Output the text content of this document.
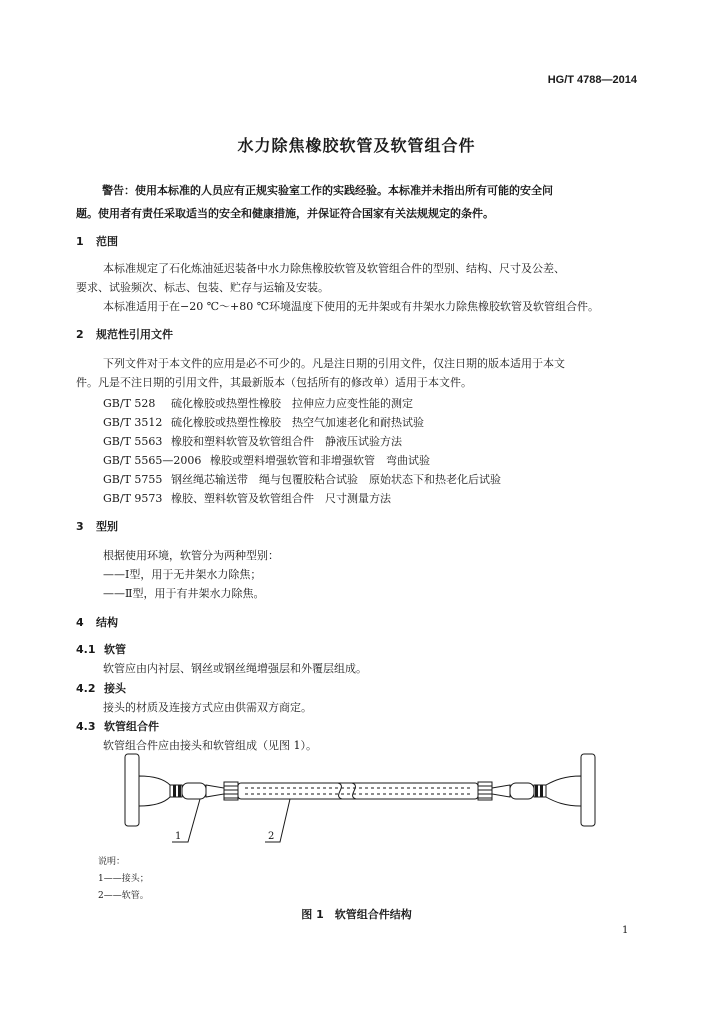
HG/T 4788—2014
水力除焦橡胶软管及软管组合件
警告：使用本标准的人员应有正规实验室工作的实践经验。本标准并未指出所有可能的安全问
题。使用者有责任采取适当的安全和健康措施，并保证符合国家有关法规规定的条件。
1 范围
本标准规定了石化炼油延迟装备中水力除焦橡胶软管及软管组合件的型别、结构、尺寸及公差、
要求、试验频次、标志、包装、贮存与运输及安装。
本标准适用于在−20 ℃～+80 ℃环境温度下使用的无井架或有井架水力除焦橡胶软管及软管组合件。
2 规范性引用文件
下列文件对于本文件的应用是必不可少的。凡是注日期的引用文件，仅注日期的版本适用于本文
件。凡是不注日期的引用文件，其最新版本（包括所有的修改单）适用于本文件。
GB/T 528 硫化橡胶或热塑性橡胶　拉伸应力应变性能的测定
GB/T 3512 硫化橡胶或热塑性橡胶　热空气加速老化和耐热试验
GB/T 5563 橡胶和塑料软管及软管组合件　静液压试验方法
GB/T 5565—2006 橡胶或塑料增强软管和非增强软管　弯曲试验
GB/T 5755 钢丝绳芯输送带　绳与包覆胶粘合试验　原始状态下和热老化后试验
GB/T 9573 橡胶、塑料软管及软管组合件　尺寸测量方法
3 型别
根据使用环境，软管分为两种型别：
——Ⅰ型，用于无井架水力除焦；
——Ⅱ型，用于有井架水力除焦。
4 结构
4.1 软管
软管应由内衬层、钢丝或钢丝绳增强层和外覆层组成。
4.2 接头
接头的材质及连接方式应由供需双方商定。
4.3 软管组合件
软管组合件应由接头和软管组成（见图 1）。
1	2
说明：
1——接头；
2——软管。
图 1　软管组合件结构
1
